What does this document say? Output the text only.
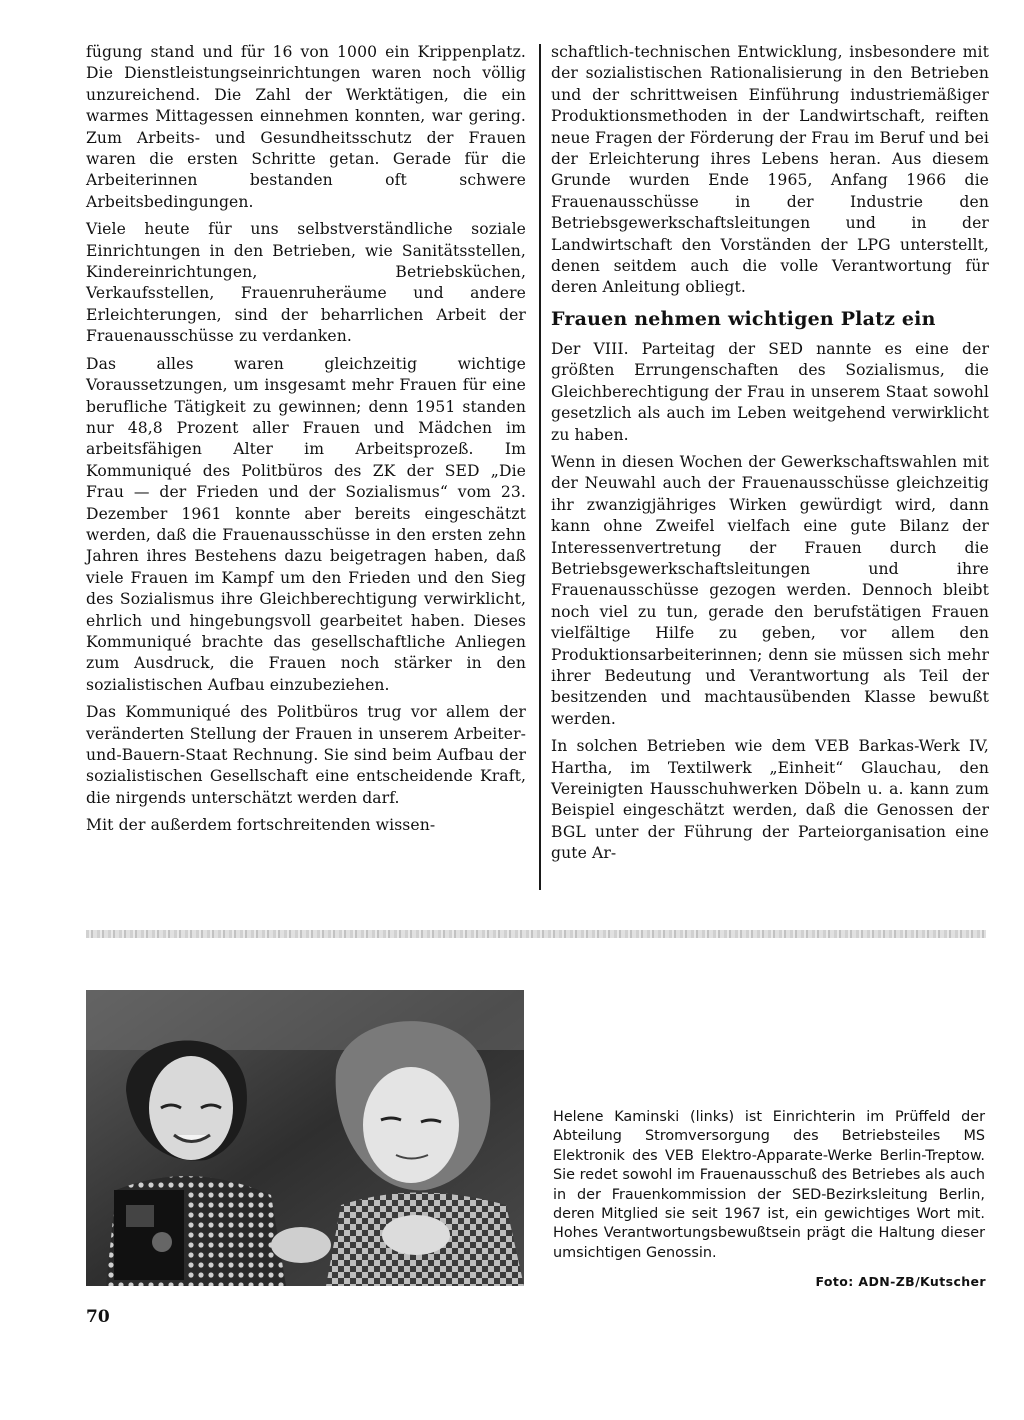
fügung stand und für 16 von 1000 ein Krippenplatz. Die Dienstleistungseinrichtungen waren noch völlig unzureichend. Die Zahl der Werktätigen, die ein warmes Mittagessen einnehmen konnten, war gering. Zum Arbeits- und Gesundheitsschutz der Frauen waren die ersten Schritte getan. Gerade für die Arbeiterinnen bestanden oft schwere Arbeitsbedingungen.

Viele heute für uns selbstverständliche soziale Einrichtungen in den Betrieben, wie Sanitätsstellen, Kindereinrichtungen, Betriebsküchen, Verkaufsstellen, Frauenruheräume und andere Erleichterungen, sind der beharrlichen Arbeit der Frauenausschüsse zu verdanken.

Das alles waren gleichzeitig wichtige Voraussetzungen, um insgesamt mehr Frauen für eine berufliche Tätigkeit zu gewinnen; denn 1951 standen nur 48,8 Prozent aller Frauen und Mädchen im arbeitsfähigen Alter im Arbeitsprozeß. Im Kommuniqué des Politbüros des ZK der SED „Die Frau — der Frieden und der Sozialismus“ vom 23. Dezember 1961 konnte aber bereits eingeschätzt werden, daß die Frauenausschüsse in den ersten zehn Jahren ihres Bestehens dazu beigetragen haben, daß viele Frauen im Kampf um den Frieden und den Sieg des Sozialismus ihre Gleichberechtigung verwirklicht, ehrlich und hingebungsvoll gearbeitet haben. Dieses Kommuniqué brachte das gesellschaftliche Anliegen zum Ausdruck, die Frauen noch stärker in den sozialistischen Aufbau einzubeziehen.

Das Kommuniqué des Politbüros trug vor allem der veränderten Stellung der Frauen in unserem Arbeiter-und-Bauern-Staat Rechnung. Sie sind beim Aufbau der sozialistischen Gesellschaft eine entscheidende Kraft, die nirgends unterschätzt werden darf.

Mit der außerdem fortschreitenden wissen-

schaftlich-technischen Entwicklung, insbesondere mit der sozialistischen Rationalisierung in den Betrieben und der schrittweisen Einführung industriemäßiger Produktionsmethoden in der Landwirtschaft, reiften neue Fragen der Förderung der Frau im Beruf und bei der Erleichterung ihres Lebens heran. Aus diesem Grunde wurden Ende 1965, Anfang 1966 die Frauenausschüsse in der Industrie den Betriebsgewerkschaftsleitungen und in der Landwirtschaft den Vorständen der LPG unterstellt, denen seitdem auch die volle Verantwortung für deren Anleitung obliegt.

Frauen nehmen wichtigen Platz ein

Der VIII. Parteitag der SED nannte es eine der größten Errungenschaften des Sozialismus, die Gleichberechtigung der Frau in unserem Staat sowohl gesetzlich als auch im Leben weitgehend verwirklicht zu haben.

Wenn in diesen Wochen der Gewerkschaftswahlen mit der Neuwahl auch der Frauenausschüsse gleichzeitig ihr zwanzigjähriges Wirken gewürdigt wird, dann kann ohne Zweifel vielfach eine gute Bilanz der Interessenvertretung der Frauen durch die Betriebsgewerkschaftsleitungen und ihre Frauenausschüsse gezogen werden. Dennoch bleibt noch viel zu tun, gerade den berufstätigen Frauen vielfältige Hilfe zu geben, vor allem den Produktionsarbeiterinnen; denn sie müssen sich mehr ihrer Bedeutung und Verantwortung als Teil der besitzenden und machtausübenden Klasse bewußt werden.

In solchen Betrieben wie dem VEB Barkas-Werk IV, Hartha, im Textilwerk „Einheit“ Glauchau, den Vereinigten Hausschuhwerken Döbeln u. a. kann zum Beispiel eingeschätzt werden, daß die Genossen der BGL unter der Führung der Parteiorganisation eine gute Ar-

Helene Kaminski (links) ist Einrichterin im Prüffeld der Abteilung Stromversorgung des Betriebsteiles MS Elektronik des VEB Elektro-Apparate-Werke Berlin-Treptow. Sie redet sowohl im Frauenausschuß des Betriebes als auch in der Frauenkommission der SED-Bezirksleitung Berlin, deren Mitglied sie seit 1967 ist, ein gewichtiges Wort mit. Hohes Verantwortungsbewußtsein prägt die Haltung dieser umsichtigen Genossin.

Foto: ADN-ZB/Kutscher
70
